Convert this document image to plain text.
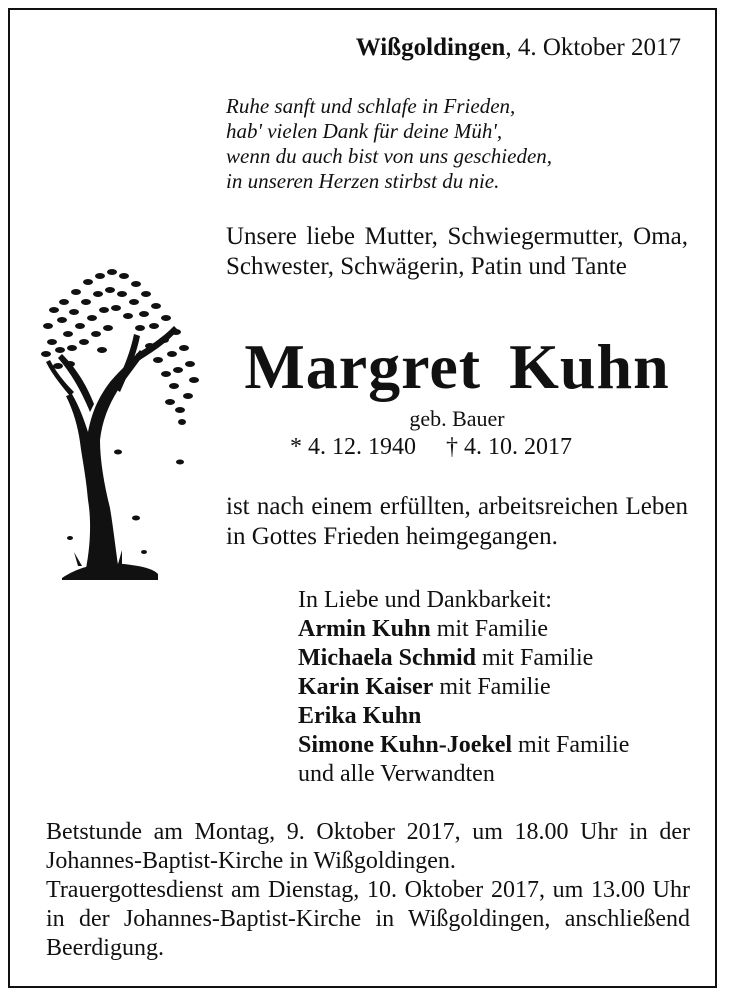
Wißgoldingen, 4. Oktober 2017
Ruhe sanft und schlafe in Frieden,
hab' vielen Dank für deine Müh',
wenn du auch bist von uns geschieden,
in unseren Herzen stirbst du nie.
Unsere liebe Mutter, Schwiegermutter, Oma, Schwester, Schwägerin, Patin und Tante
Margret Kuhn
geb. Bauer
* 4. 12. 1940 † 4. 10. 2017
ist nach einem erfüllten, arbeitsreichen Leben in Gottes Frieden heimgegangen.
In Liebe und Dankbarkeit:
Armin Kuhn mit Familie
Michaela Schmid mit Familie
Karin Kaiser mit Familie
Erika Kuhn
Simone Kuhn-Joekel mit Familie
und alle Verwandten

Betstunde am Montag, 9. Oktober 2017, um 18.00 Uhr in der Johannes-Baptist-Kirche in Wißgoldingen.

Trauergottesdienst am Dienstag, 10. Oktober 2017, um 13.00 Uhr in der Johannes-Baptist-Kirche in Wißgoldingen, anschließend Beerdigung.
